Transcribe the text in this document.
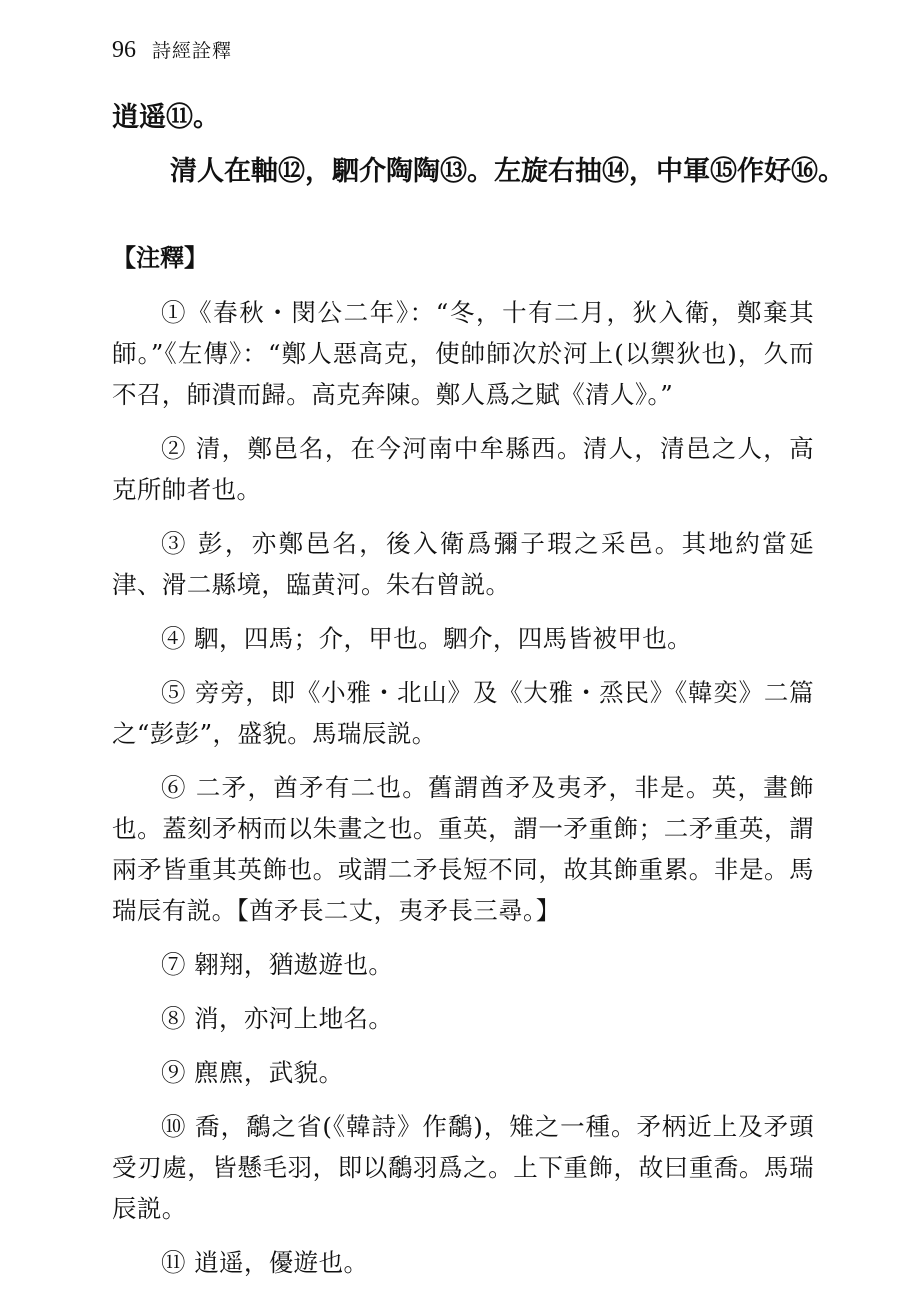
96 詩經詮釋
逍遥⑪。
清人在軸⑫，駟介陶陶⑬。左旋右抽⑭，中軍⑮作好⑯。
【注釋】

①《春秋・閔公二年》：“冬，十有二月，狄入衛，鄭棄其師。”《左傳》：“鄭人惡高克，使帥師次於河上(以禦狄也)，久而不召，師潰而歸。高克奔陳。鄭人爲之賦《清人》。”

② 清，鄭邑名，在今河南中牟縣西。清人，清邑之人，高克所帥者也。

③ 彭，亦鄭邑名，後入衛爲彌子瑕之采邑。其地約當延津、滑二縣境，臨黄河。朱右曾説。

④ 駟，四馬；介，甲也。駟介，四馬皆被甲也。

⑤ 旁旁，即《小雅・北山》及《大雅・烝民》《韓奕》二篇之“彭彭”，盛貌。馬瑞辰説。

⑥ 二矛，酋矛有二也。舊謂酋矛及夷矛，非是。英，畫飾也。蓋刻矛柄而以朱畫之也。重英，謂一矛重飾；二矛重英，謂兩矛皆重其英飾也。或謂二矛長短不同，故其飾重累。非是。馬瑞辰有説。【酋矛長二丈，夷矛長三尋。】

⑦ 翱翔，猶遨遊也。

⑧ 消，亦河上地名。

⑨ 麃麃，武貌。

⑩ 喬，鷮之省(《韓詩》作鷮)，雉之一種。矛柄近上及矛頭受刃處，皆懸毛羽，即以鷮羽爲之。上下重飾，故曰重喬。馬瑞辰説。

⑪ 逍遥，優遊也。
